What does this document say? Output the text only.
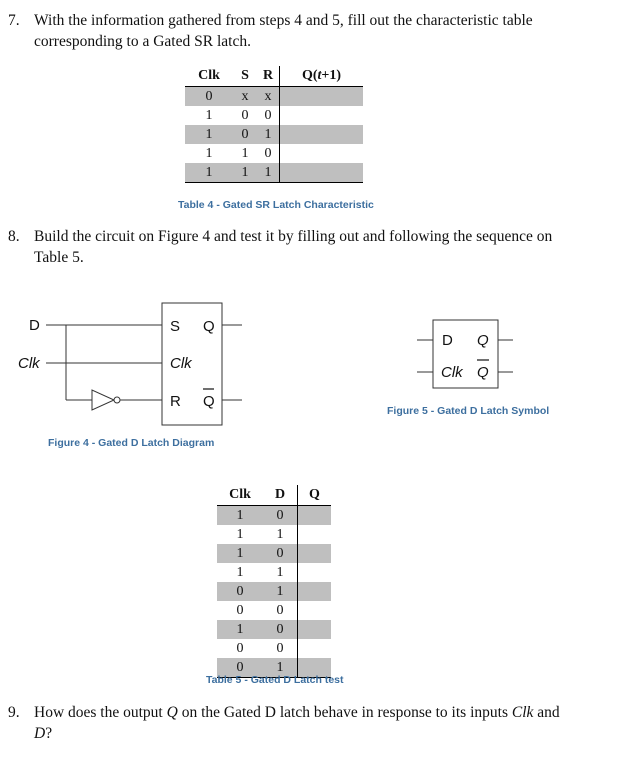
7. With the information gathered from steps 4 and 5, fill out the characteristic table
corresponding to a Gated SR latch.
Clk	S	R	Q(t+1)
0	x	x	
1	0	0	
1	0	1	
1	1	0	
1	1	1	
Table 4 - Gated SR Latch Characteristic
8. Build the circuit on Figure 4 and test it by filling out and following the sequence on
Table 5.
D
Clk
S Q
Clk
R Q
D Q
Clk Q
Figure 4 - Gated D Latch Diagram
Figure 5 - Gated D Latch Symbol
Clk	D	Q
1	0	
1	1	
1	0	
1	1	
0	1	
0	0	
1	0	
0	0	
0	1	
Table 5 - Gated D Latch test
9. How does the output Q on the Gated D latch behave in response to its inputs Clk and
D?
